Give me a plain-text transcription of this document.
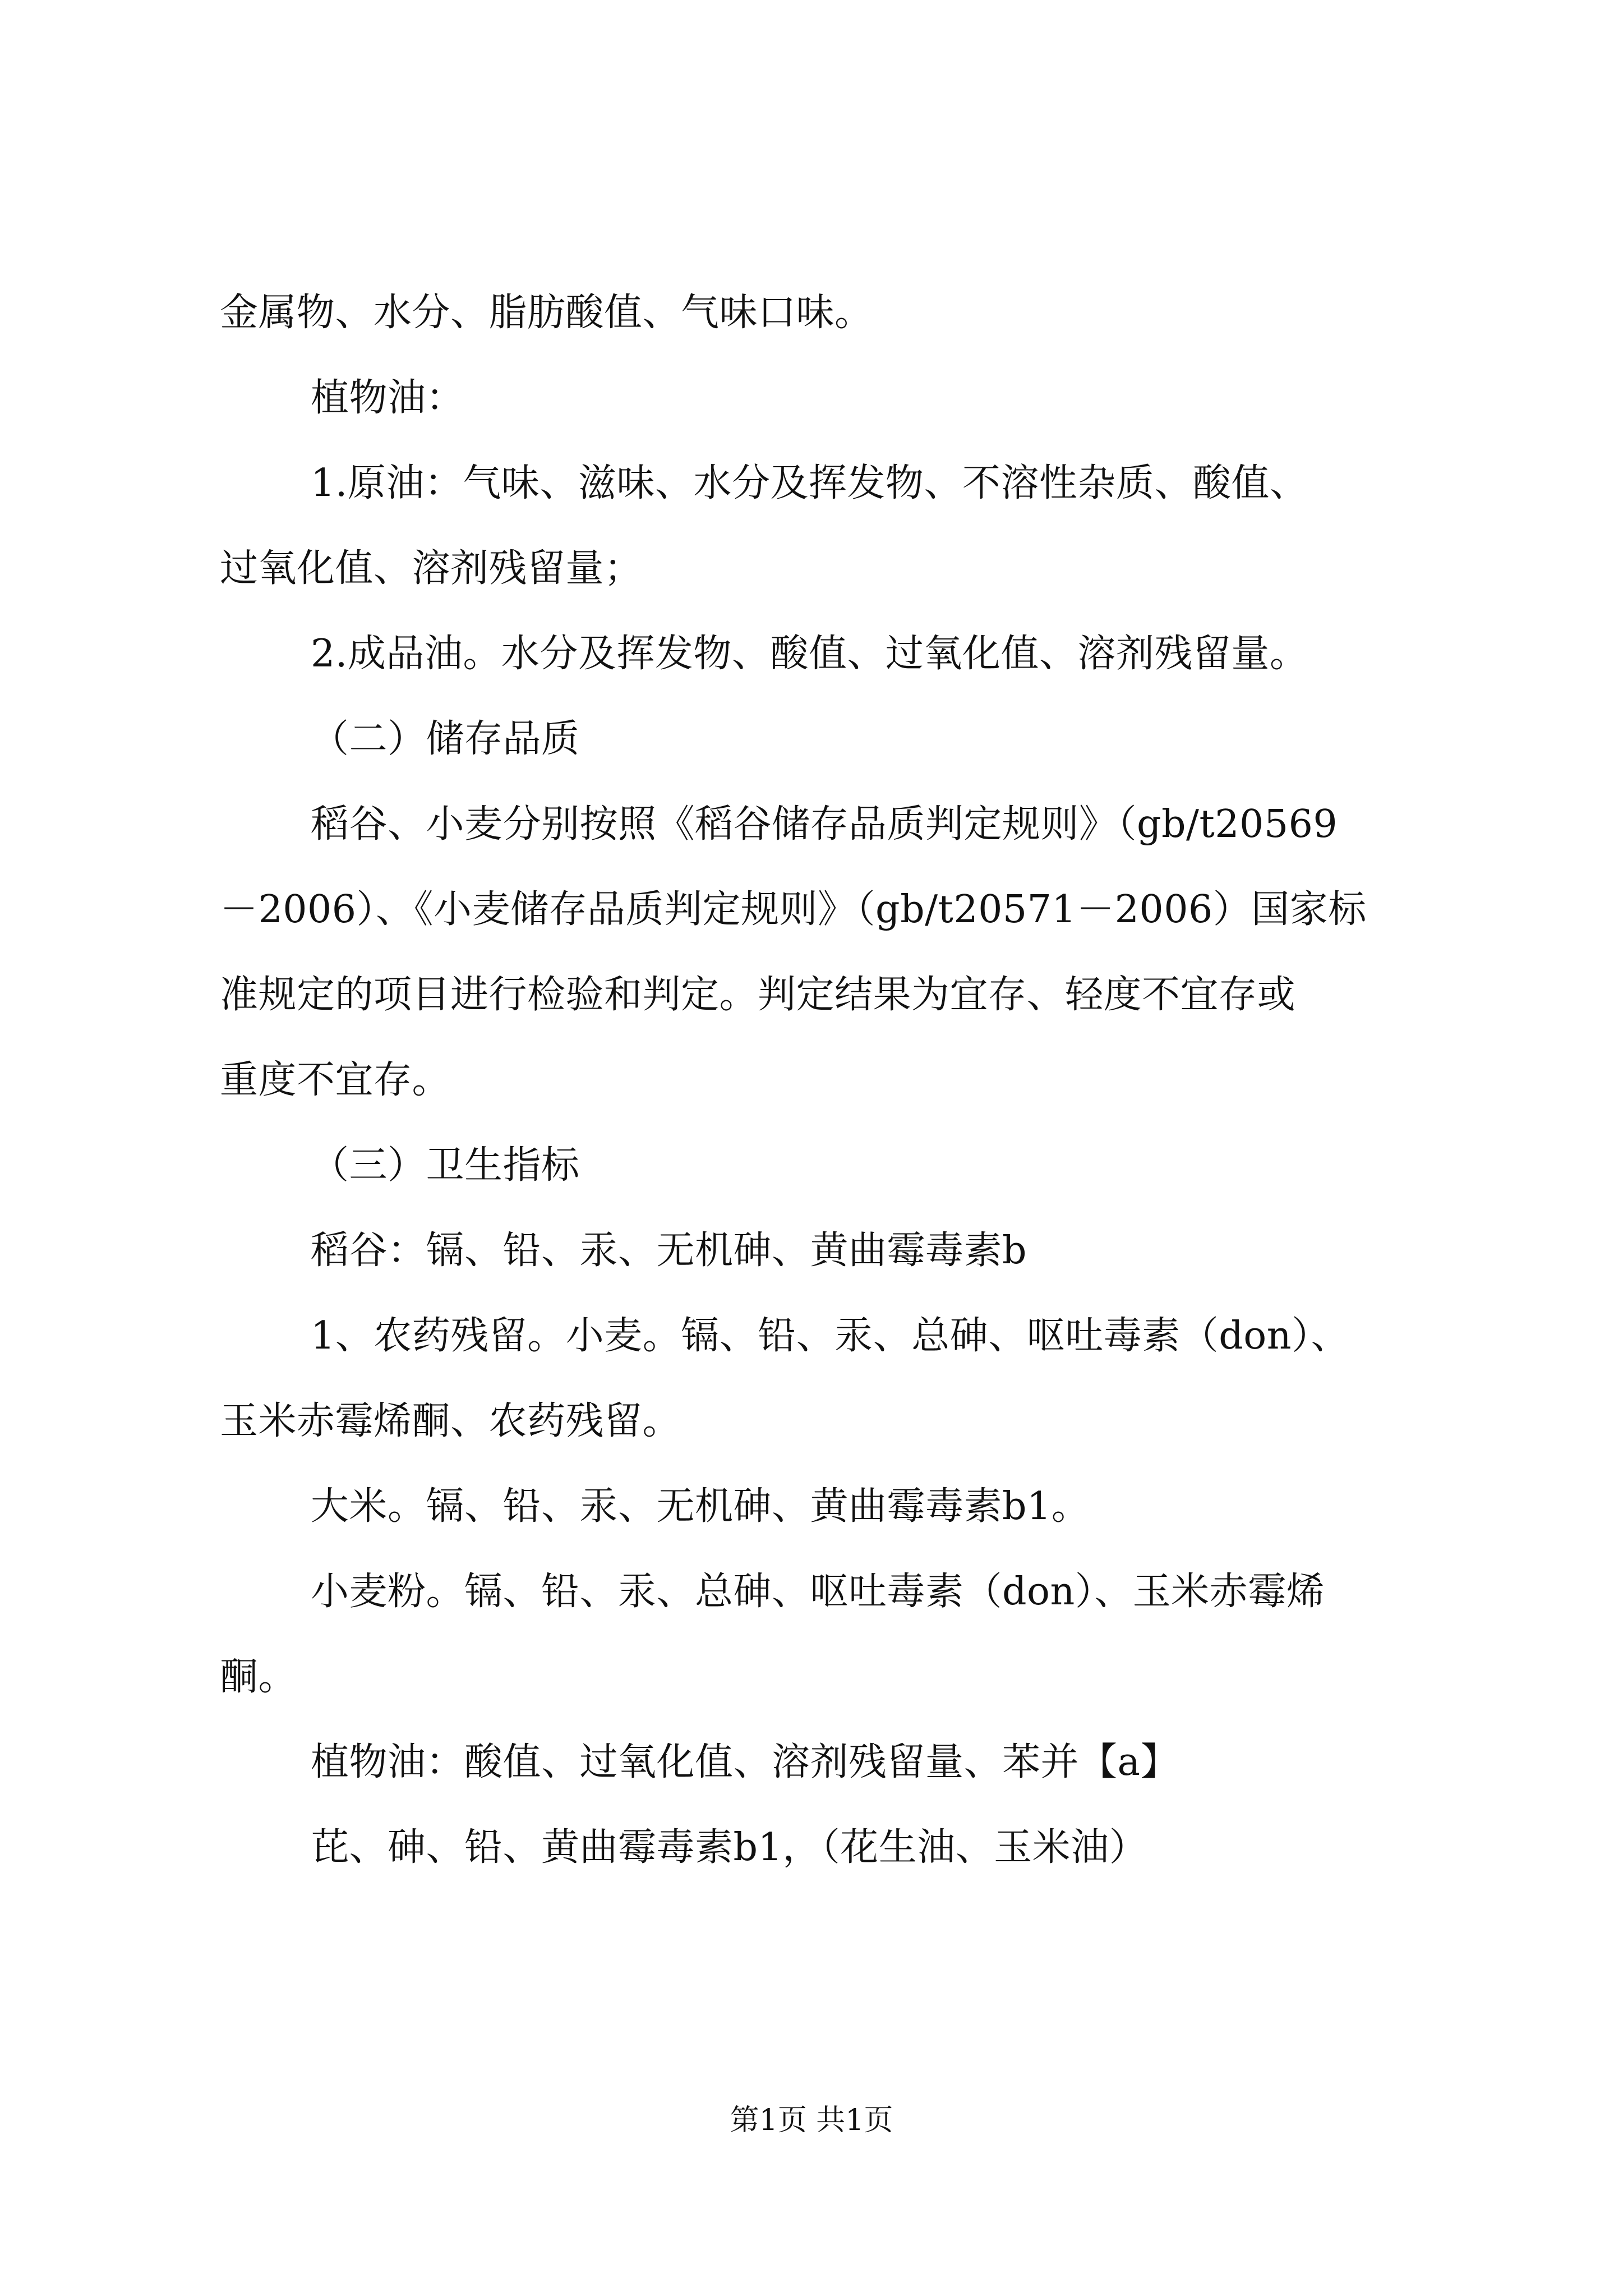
金属物、水分、脂肪酸值、气味口味。

植物油：

1.原油：气味、滋味、水分及挥发物、不溶性杂质、酸值、

过氧化值、溶剂残留量；

2.成品油。水分及挥发物、酸值、过氧化值、溶剂残留量。

（二）储存品质

稻谷、小麦分别按照《稻谷储存品质判定规则》（gb/t20569

－2006）、《小麦储存品质判定规则》（gb/t20571－2006）国家标

准规定的项目进行检验和判定。判定结果为宜存、轻度不宜存或

重度不宜存。

（三）卫生指标

稻谷：镉、铅、汞、无机砷、黄曲霉毒素b

1、农药残留。小麦。镉、铅、汞、总砷、呕吐毒素（don）、

玉米赤霉烯酮、农药残留。

大米。镉、铅、汞、无机砷、黄曲霉毒素b1。

小麦粉。镉、铅、汞、总砷、呕吐毒素（don）、玉米赤霉烯

酮。

植物油：酸值、过氧化值、溶剂残留量、苯并【a】

芘、砷、铅、黄曲霉毒素b1，（花生油、玉米油）

第1页 共1页
